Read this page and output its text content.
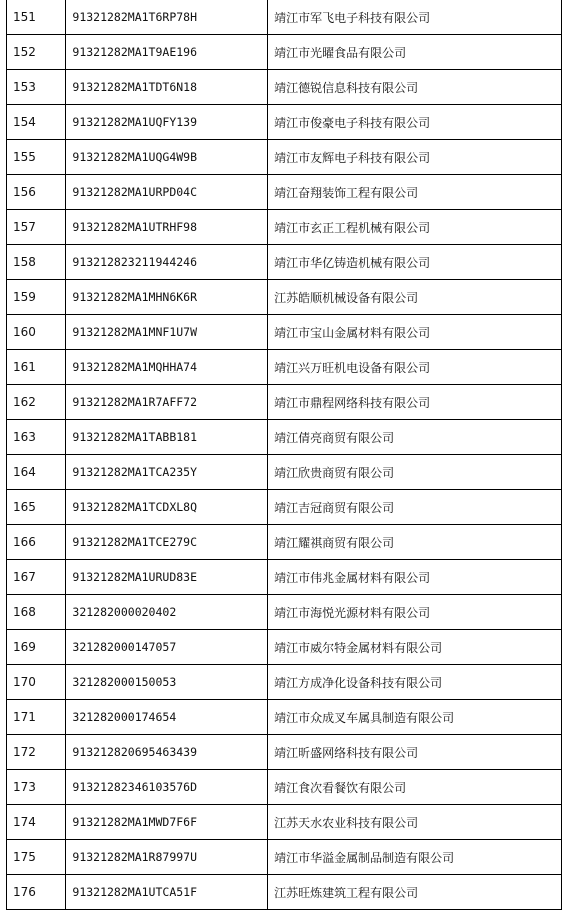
151	91321282MA1T6RP78H	靖江市军飞电子科技有限公司
152	91321282MA1T9AE196	靖江市光曜食品有限公司
153	91321282MA1TDT6N18	靖江德锐信息科技有限公司
154	91321282MA1UQFY139	靖江市俊豪电子科技有限公司
155	91321282MA1UQG4W9B	靖江市友辉电子科技有限公司
156	91321282MA1URPD04C	靖江奋翔装饰工程有限公司
157	91321282MA1UTRHF98	靖江市玄正工程机械有限公司
158	913212823211944246	靖江市华亿铸造机械有限公司
159	91321282MA1MHN6K6R	江苏皓顺机械设备有限公司
160	91321282MA1MNF1U7W	靖江市宝山金属材料有限公司
161	91321282MA1MQHHA74	靖江兴万旺机电设备有限公司
162	91321282MA1R7AFF72	靖江市鼎程网络科技有限公司
163	91321282MA1TABB181	靖江倩亮商贸有限公司
164	91321282MA1TCA235Y	靖江欣贵商贸有限公司
165	91321282MA1TCDXL8Q	靖江吉冠商贸有限公司
166	91321282MA1TCE279C	靖江耀祺商贸有限公司
167	91321282MA1URUD83E	靖江市伟兆金属材料有限公司
168	321282000020402	靖江市海悦光源材料有限公司
169	321282000147057	靖江市威尔特金属材料有限公司
170	321282000150053	靖江方成净化设备科技有限公司
171	321282000174654	靖江市众成叉车属具制造有限公司
172	913212820695463439	靖江昕盛网络科技有限公司
173	91321282346103576D	靖江食次看餐饮有限公司
174	91321282MA1MWD7F6F	江苏天水农业科技有限公司
175	91321282MA1R87997U	靖江市华溢金属制品制造有限公司
176	91321282MA1UTCA51F	江苏旺炼建筑工程有限公司
